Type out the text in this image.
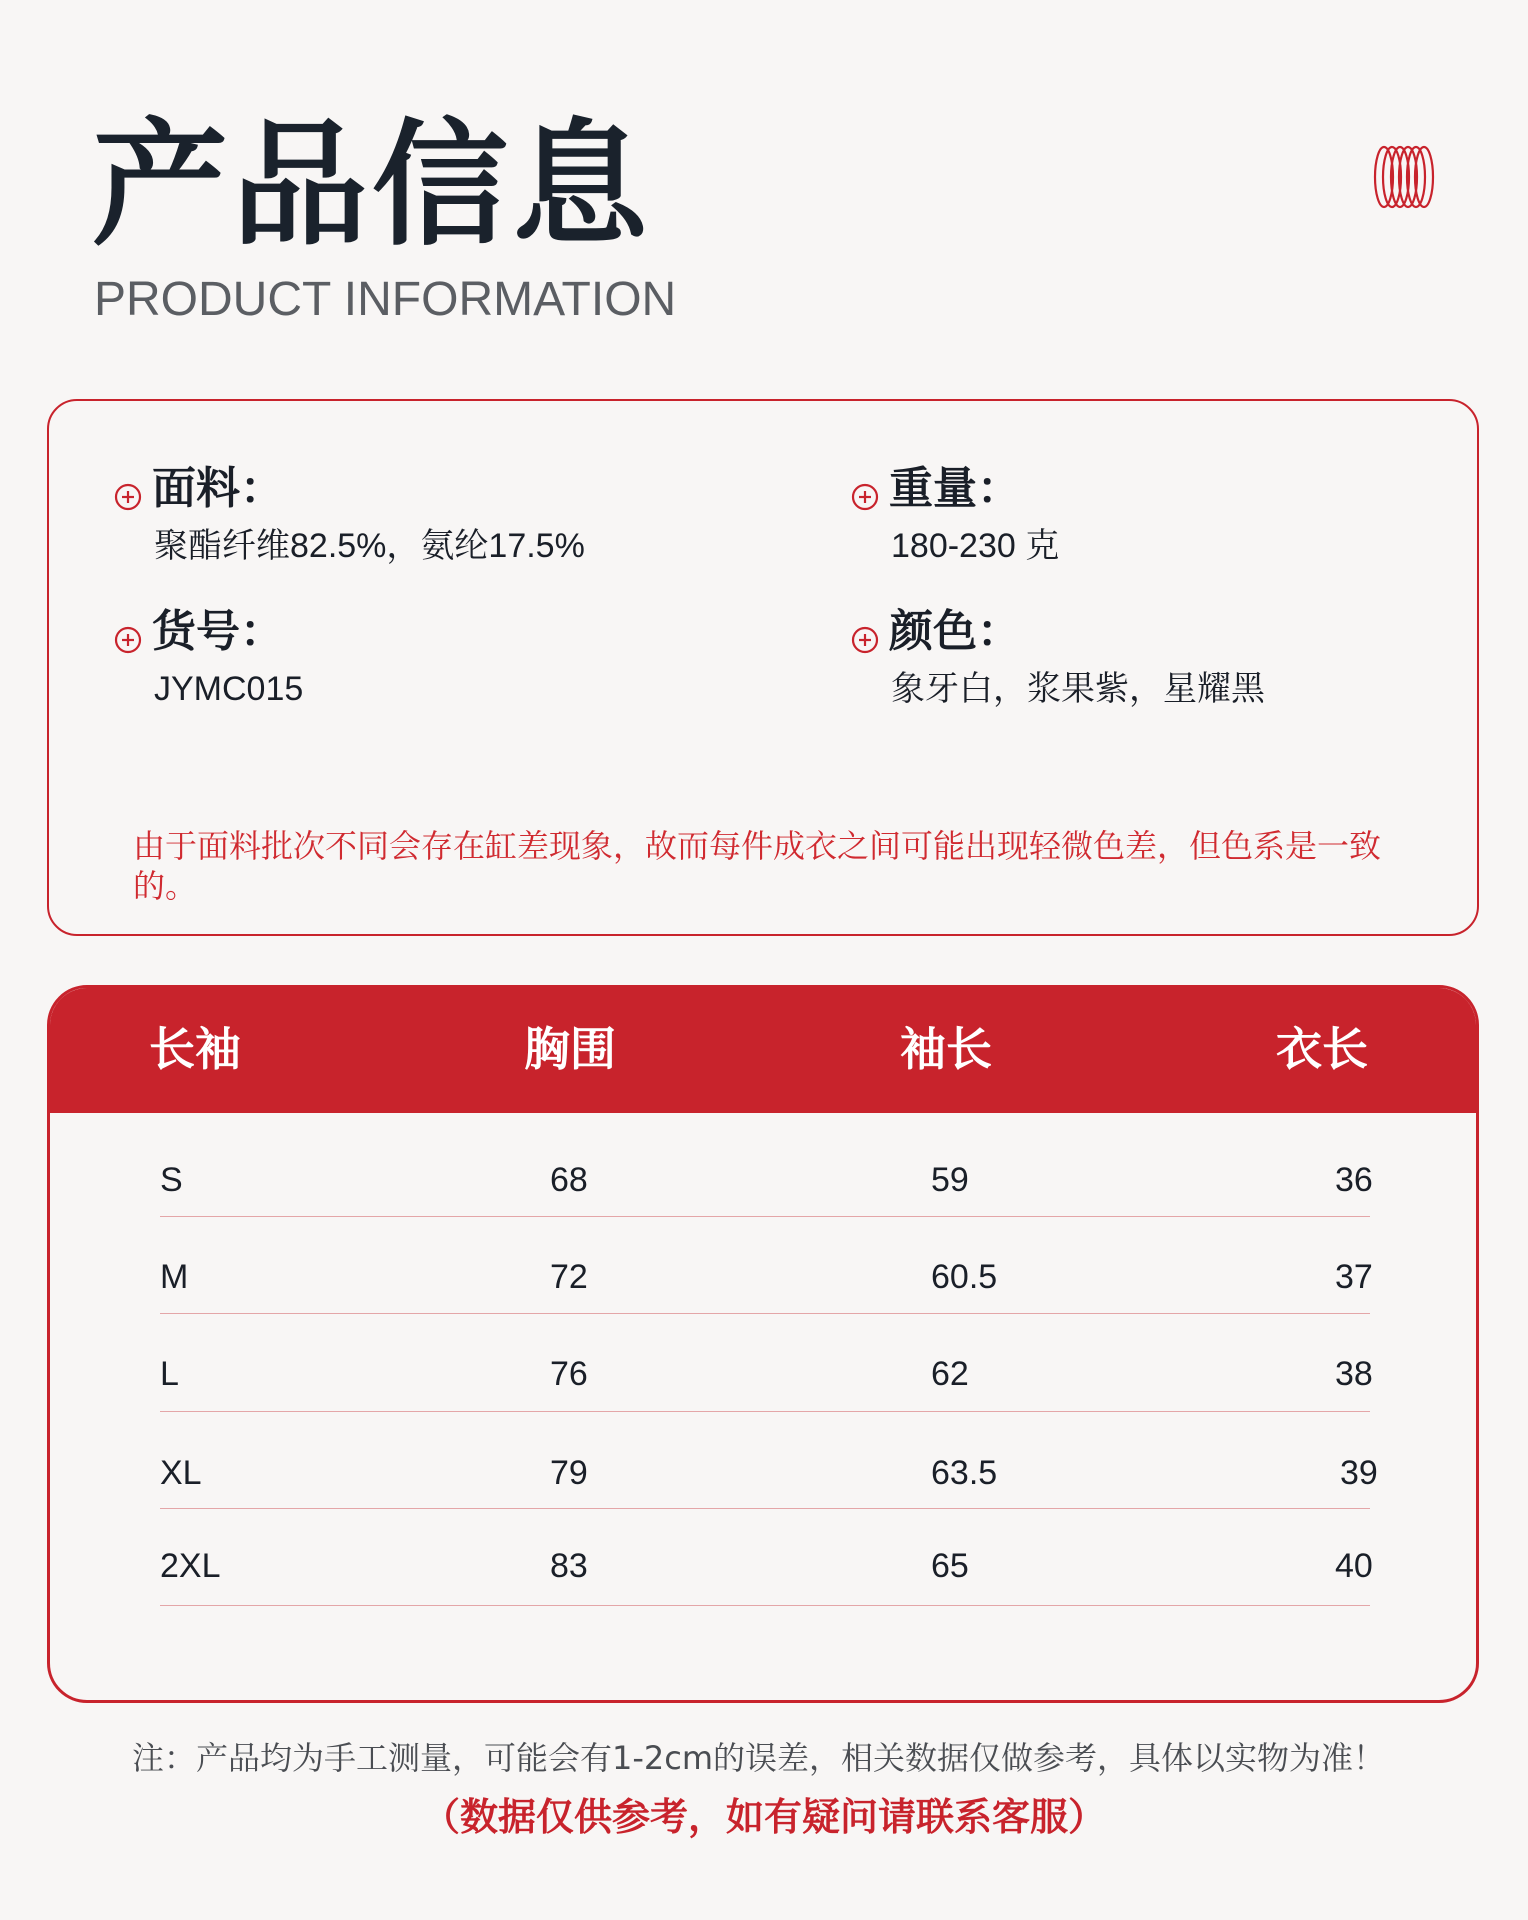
产品信息
PRODUCT INFORMATION
面料：
聚酯纤维82.5%，氨纶17.5%
重量：
180-230 克
货号：
JYMC015
颜色：
象牙白，浆果紫，星耀黑
由于面料批次不同会存在缸差现象，故而每件成衣之间可能出现轻微色差，但色系是一致的。
长袖	胸围	袖长	衣长
S	68	59	36
M	72	60.5	37
L	76	62	38
XL	79	63.5	39
2XL	83	65	40
注：产品均为手工测量，可能会有1-2cm的误差，相关数据仅做参考，具体以实物为准！
（数据仅供参考，如有疑问请联系客服）
